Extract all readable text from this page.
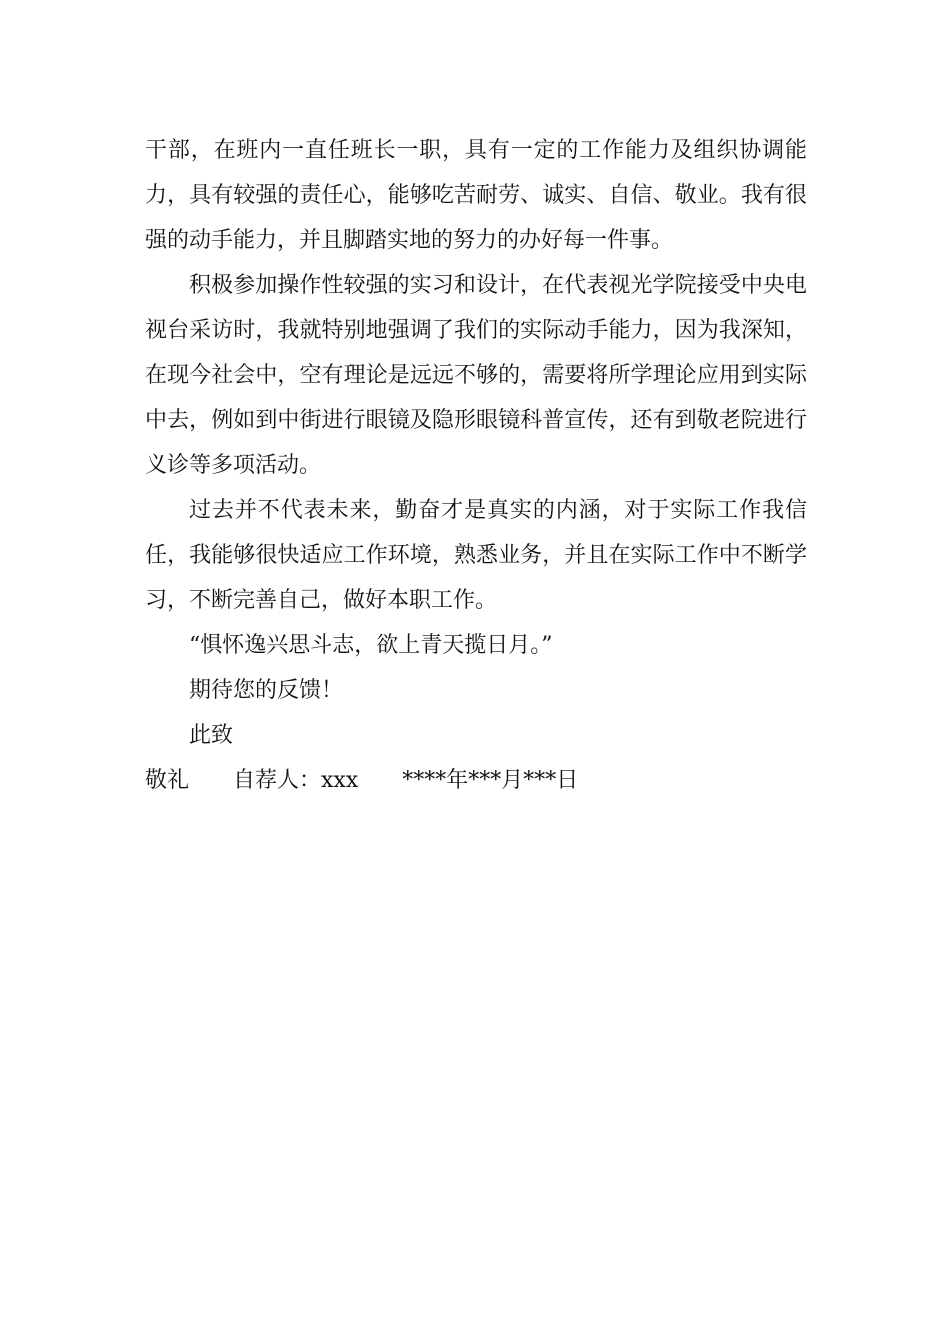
干部，在班内一直任班长一职，具有一定的工作能力及组织协调能力，具有较强的责任心，能够吃苦耐劳、诚实、自信、敬业。我有很强的动手能力，并且脚踏实地的努力的办好每一件事。

积极参加操作性较强的实习和设计，在代表视光学院接受中央电视台采访时，我就特别地强调了我们的实际动手能力，因为我深知，在现今社会中，空有理论是远远不够的，需要将所学理论应用到实际中去，例如到中街进行眼镜及隐形眼镜科普宣传，还有到敬老院进行义诊等多项活动。

过去并不代表未来，勤奋才是真实的内涵，对于实际工作我信任，我能够很快适应工作环境，熟悉业务，并且在实际工作中不断学习，不断完善自己，做好本职工作。

“惧怀逸兴思斗志，欲上青天揽日月。”

期待您的反馈！

此致

敬礼 自荐人：xxx ****年***月***日
